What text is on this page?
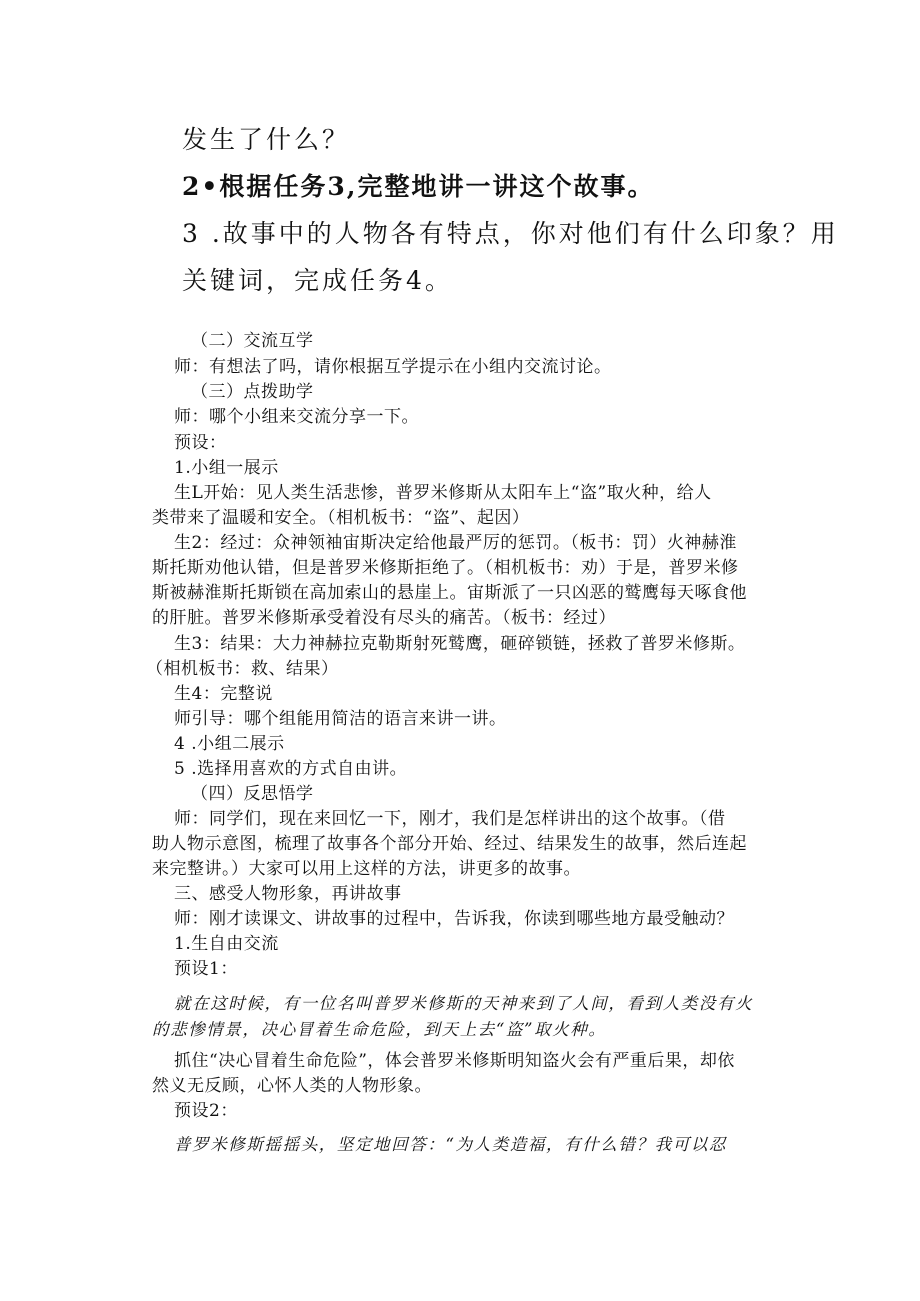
发生了什么？
2•根据任务3,完整地讲一讲这个故事。
3 .故事中的人物各有特点，你对他们有什么印象？用
关键词，完成任务4。
（二）交流互学
师：有想法了吗，请你根据互学提示在小组内交流讨论。
（三）点拨助学
师：哪个小组来交流分享一下。
预设：
1.小组一展示
生L开始：见人类生活悲惨，普罗米修斯从太阳车上“盗”取火种，给人
类带来了温暖和安全。（相机板书：“盗”、起因）
生2：经过：众神领袖宙斯决定给他最严厉的惩罚。（板书：罚）火神赫淮
斯托斯劝他认错，但是普罗米修斯拒绝了。（相机板书：劝）于是，普罗米修
斯被赫淮斯托斯锁在高加索山的悬崖上。宙斯派了一只凶恶的鹫鹰每天啄食他
的肝脏。普罗米修斯承受着没有尽头的痛苦。（板书：经过）
生3：结果：大力神赫拉克勒斯射死鹫鹰，砸碎锁链，拯救了普罗米修斯。
（相机板书：救、结果）
生4：完整说
师引导：哪个组能用简洁的语言来讲一讲。
4 .小组二展示
5 .选择用喜欢的方式自由讲。
（四）反思悟学
师：同学们，现在来回忆一下，刚才，我们是怎样讲出的这个故事。（借
助人物示意图，梳理了故事各个部分开始、经过、结果发生的故事，然后连起
来完整讲。）大家可以用上这样的方法，讲更多的故事。
三、感受人物形象，再讲故事
师：刚才读课文、讲故事的过程中，告诉我，你读到哪些地方最受触动？
1.生自由交流
预设1：
就在这时候，有一位名叫普罗米修斯的天神来到了人间，看到人类没有火
的悲惨情景，决心冒着生命危险，到天上去“盗”取火种。
抓住“决心冒着生命危险”，体会普罗米修斯明知盗火会有严重后果，却依
然义无反顾，心怀人类的人物形象。
预设2：
普罗米修斯摇摇头，坚定地回答：“为人类造福，有什么错？我可以忍
